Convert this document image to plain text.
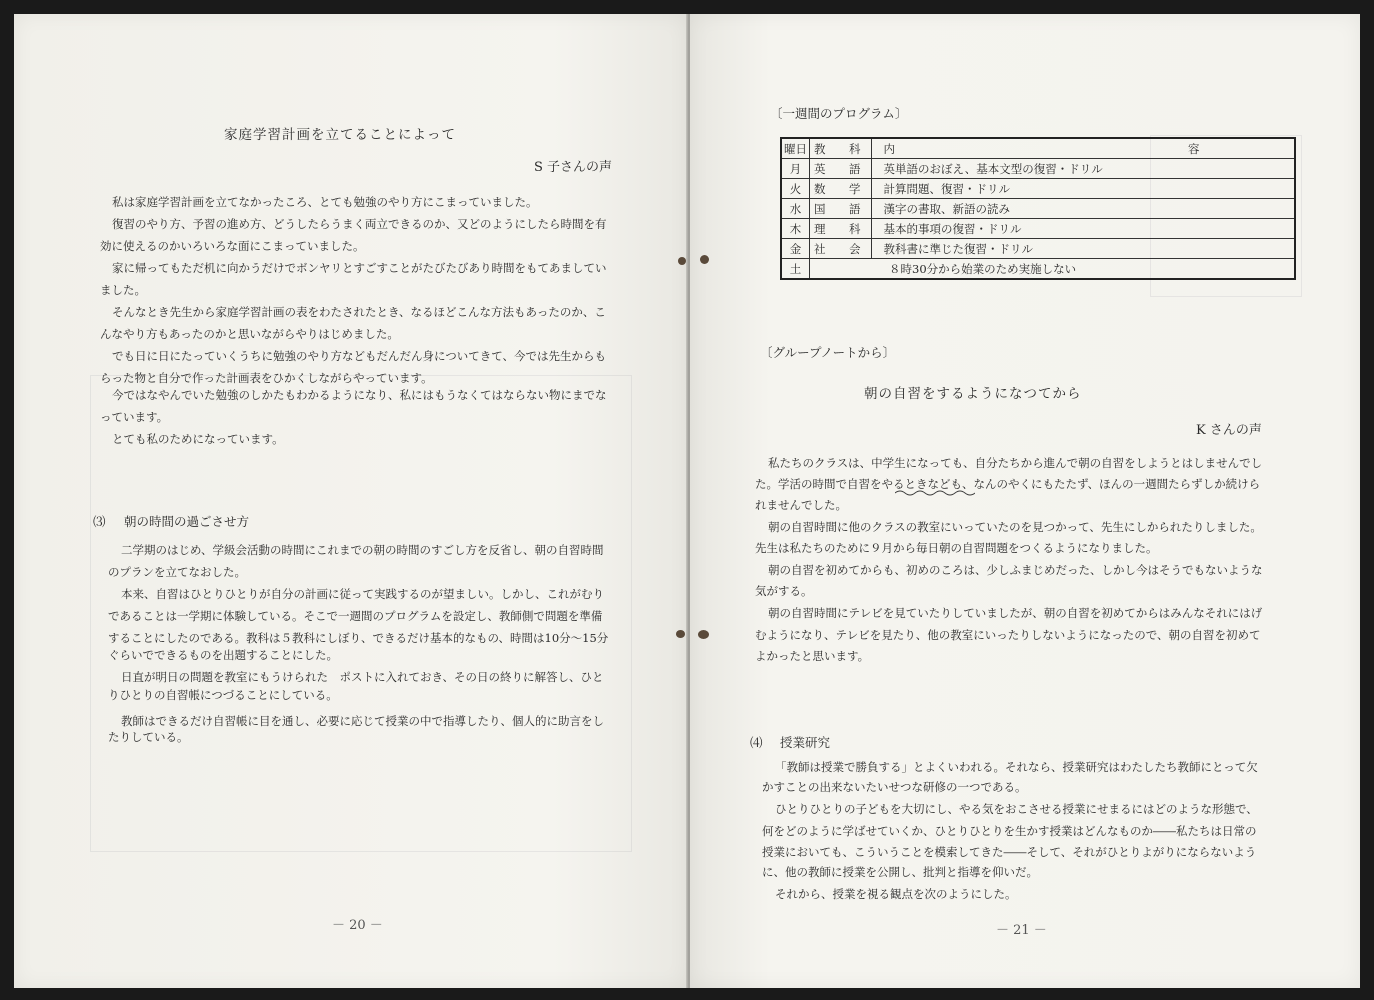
家庭学習計画を立てることによって
S 子さんの声
私は家庭学習計画を立てなかったころ、とても勉強のやり方にこまっていました。
復習のやり方、予習の進め方、どうしたらうまく両立できるのか、又どのようにしたら時間を有
効に使えるのかいろいろな面にこまっていました。
家に帰ってもただ机に向かうだけでボンヤリとすごすことがたびたびあり時間をもてあましてい
ました。
そんなとき先生から家庭学習計画の表をわたされたとき、なるほどこんな方法もあったのか、こ
んなやり方もあったのかと思いながらやりはじめました。
でも日に日にたっていくうちに勉強のやり方などもだんだん身についてきて、今では先生からも
らった物と自分で作った計画表をひかくしながらやっています。
今ではなやんでいた勉強のしかたもわかるようになり、私にはもうなくてはならない物にまでな
っています。
とても私のためになっています。
⑶ 朝の時間の過ごさせ方
二学期のはじめ、学級会活動の時間にこれまでの朝の時間のすごし方を反省し、朝の自習時間
のプランを立てなおした。
本来、自習はひとりひとりが自分の計画に従って実践するのが望ましい。しかし、これがむり
であることは一学期に体験している。そこで一週間のプログラムを設定し、教師側で問題を準備
することにしたのである。教科は５教科にしぼり、できるだけ基本的なもの、時間は10分〜15分
ぐらいでできるものを出題することにした。
日直が明日の問題を教室にもうけられた　ポストに入れておき、その日の終りに解答し、ひと
りひとりの自習帳につづることにしている。
教師はできるだけ自習帳に目を通し、必要に応じて授業の中で指導したり、個人的に助言をし
たりしている。
－ 20 －
〔一週間のプログラム〕
曜日	教　科	内　　容
月	英　語	英単語のおぼえ、基本文型の復習・ドリル
火	数　学	計算問題、復習・ドリル
水	国　語	漢字の書取、新語の読み
木	理　科	基本的事項の復習・ドリル
金	社　会	教科書に準じた復習・ドリル
土		８時30分から始業のため実施しない
〔グループノートから〕
朝の自習をするようになつてから
K さんの声
私たちのクラスは、中学生になっても、自分たちから進んで朝の自習をしようとはしませんでし
た。学活の時間で自習をやるときなども、なんのやくにもたたず、ほんの一週間たらずしか続けら
れませんでした。
朝の自習時間に他のクラスの教室にいっていたのを見つかって、先生にしかられたりしました。
先生は私たちのために９月から毎日朝の自習問題をつくるようになりました。
朝の自習を初めてからも、初めのころは、少しふまじめだった、しかし今はそうでもないような
気がする。
朝の自習時間にテレビを見ていたりしていましたが、朝の自習を初めてからはみんなそれにはげ
むようになり、テレビを見たり、他の教室にいったりしないようになったので、朝の自習を初めて
よかったと思います。
⑷ 授業研究
「教師は授業で勝負する」とよくいわれる。それなら、授業研究はわたしたち教師にとって欠
かすことの出来ないたいせつな研修の一つである。
ひとりひとりの子どもを大切にし、やる気をおこさせる授業にせまるにはどのような形態で、
何をどのように学ばせていくか、ひとりひとりを生かす授業はどんなものか――私たちは日常の
授業においても、こういうことを模索してきた――そして、それがひとりよがりにならないよう
に、他の教師に授業を公開し、批判と指導を仰いだ。
それから、授業を視る観点を次のようにした。
－ 21 －
